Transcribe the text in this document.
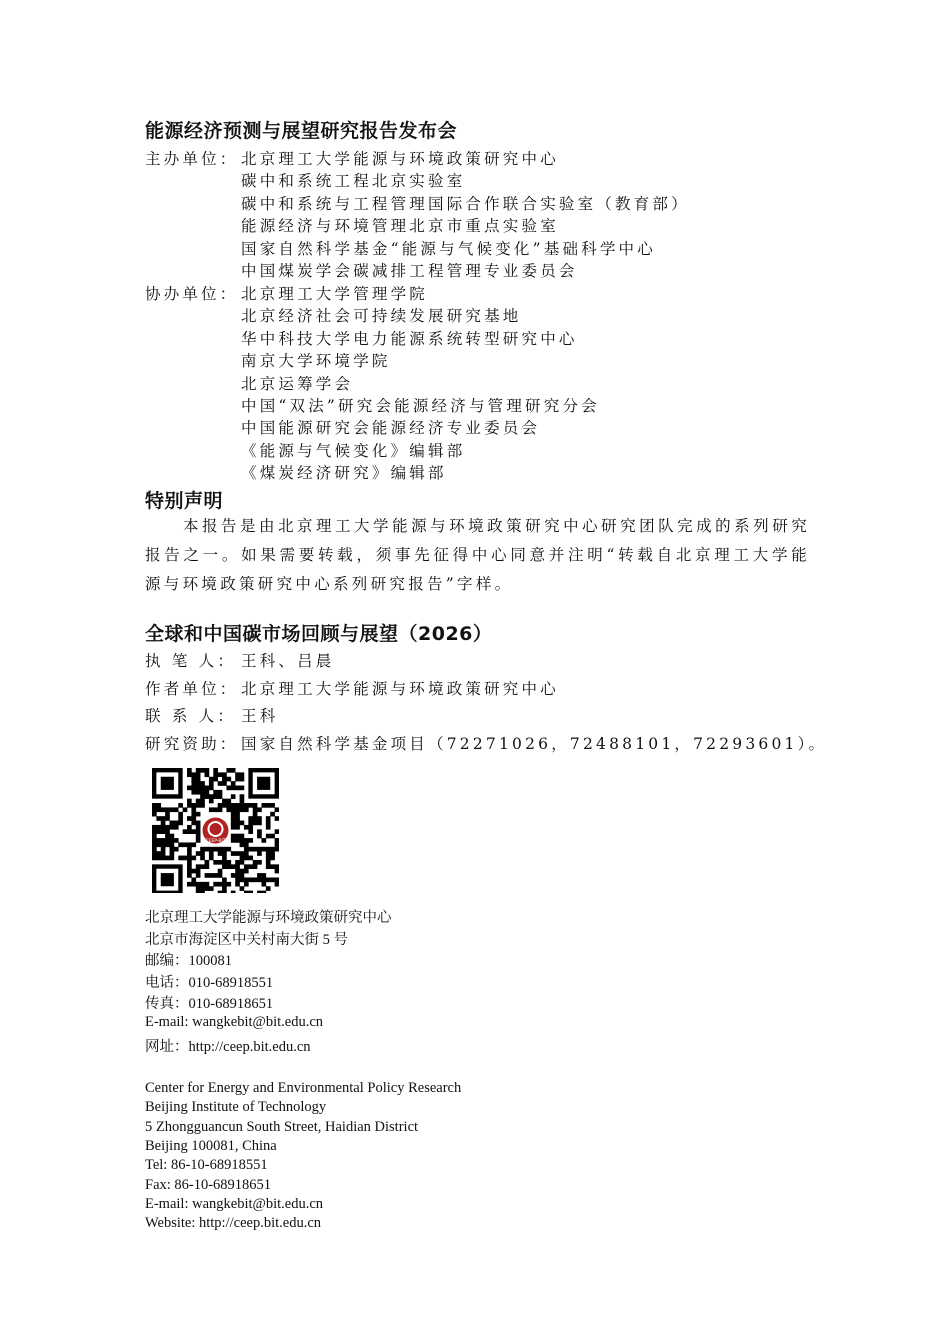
能源经济预测与展望研究报告发布会
主办单位：
协办单位：
北京理工大学能源与环境政策研究中心
碳中和系统工程北京实验室
碳中和系统与工程管理国际合作联合实验室（教育部）
能源经济与环境管理北京市重点实验室
国家自然科学基金“能源与气候变化”基础科学中心
中国煤炭学会碳减排工程管理专业委员会
北京理工大学管理学院
北京经济社会可持续发展研究基地
华中科技大学电力能源系统转型研究中心
南京大学环境学院
北京运筹学会
中国“双法”研究会能源经济与管理研究分会
中国能源研究会能源经济专业委员会
《能源与气候变化》编辑部
《煤炭经济研究》编辑部
特别声明
本报告是由北京理工大学能源与环境政策研究中心研究团队完成的系列研究报告之一。如果需要转载，须事先征得中心同意并注明“转载自北京理工大学能源与环境政策研究中心系列研究报告”字样。
全球和中国碳市场回顾与展望（2026）
执 笔 人： 王科、吕晨
作者单位： 北京理工大学能源与环境政策研究中心
联 系 人： 王科
研究资助： 国家自然科学基金项目（72271026，72488101，72293601）。
CEEP-BIT
北京理工大学能源与环境政策研究中心
北京市海淀区中关村南大街 5 号
邮编：100081
电话：010-68918551
传真：010-68918651
E-mail: wangkebit@bit.edu.cn
网址：http://ceep.bit.edu.cn
Center for Energy and Environmental Policy Research
Beijing Institute of Technology
5 Zhongguancun South Street, Haidian District
Beijing 100081, China
Tel: 86-10-68918551
Fax: 86-10-68918651
E-mail: wangkebit@bit.edu.cn
Website: http://ceep.bit.edu.cn
